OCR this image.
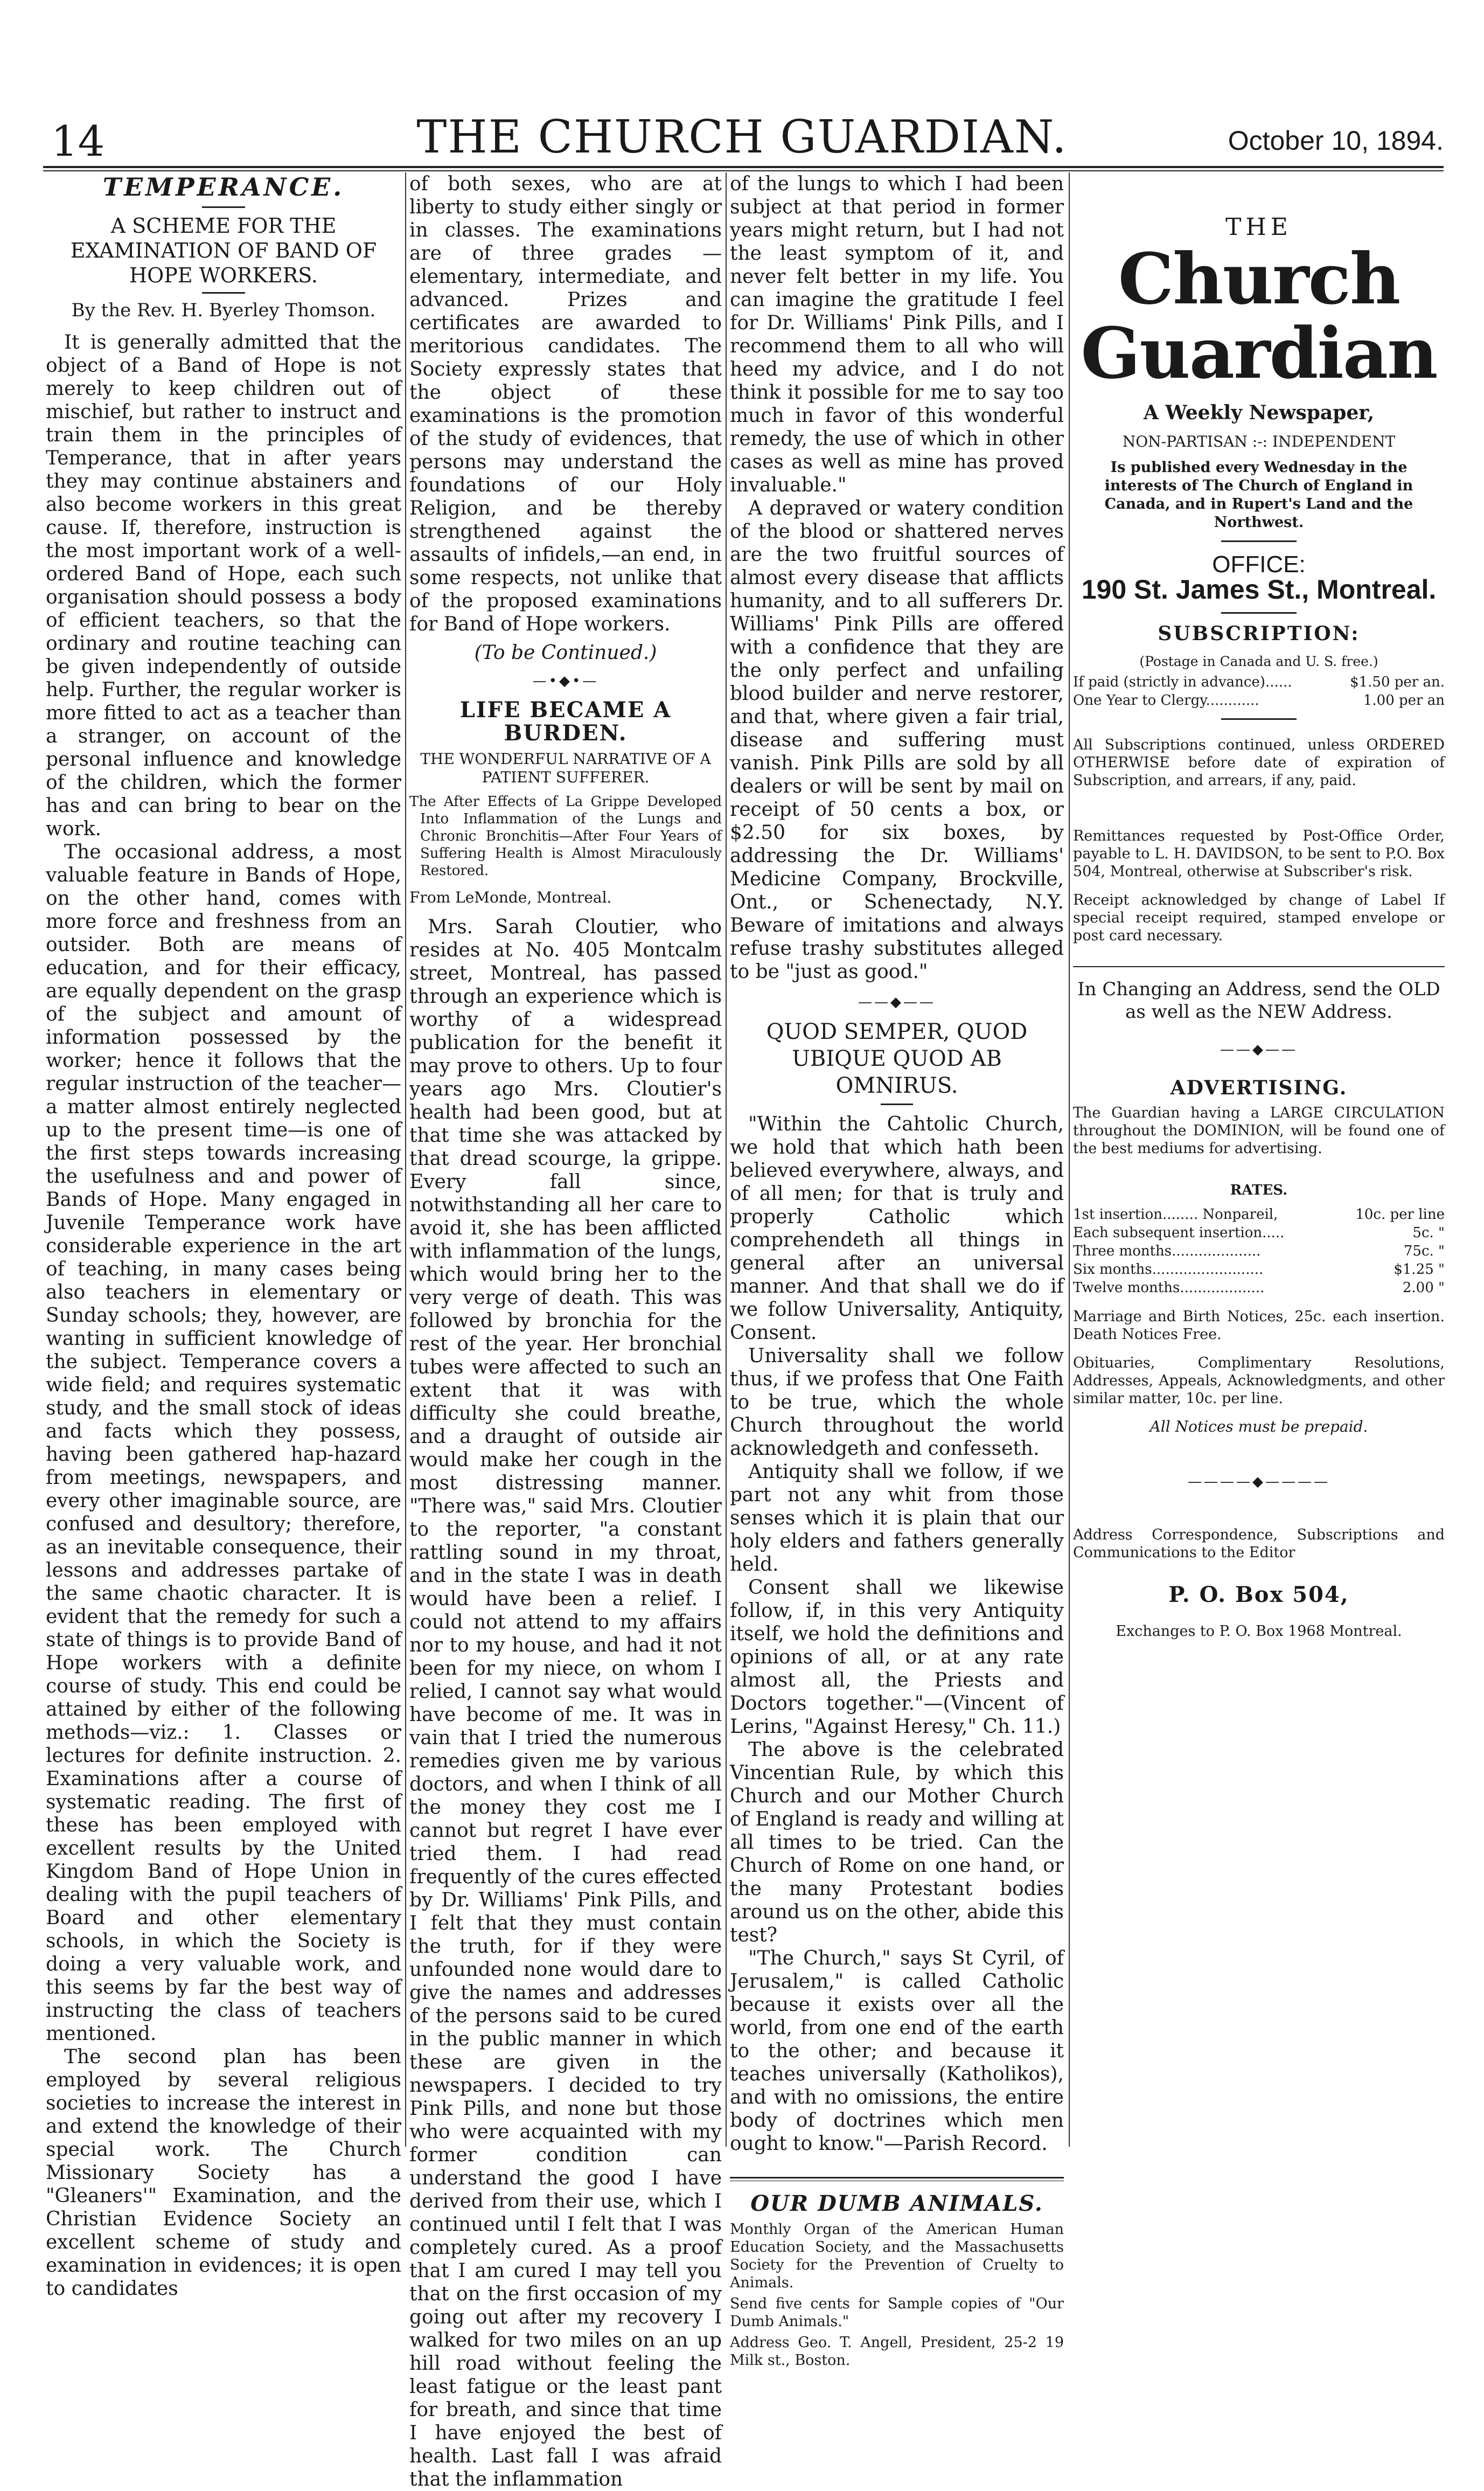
14	THE CHURCH GUARDIAN.	October 10, 1894.
TEMPERANCE.
A SCHEME FOR THE EXAMINATION OF BAND OF HOPE WORKERS.
By the Rev. H. Byerley Thomson.

It is generally admitted that the object of a Band of Hope is not merely to keep children out of mischief, but rather to instruct and train them in the principles of Temperance, that in after years they may continue abstainers and also become workers in this great cause. If, therefore, instruction is the most important work of a well-ordered Band of Hope, each such organisation should possess a body of efficient teachers, so that the ordinary and routine teaching can be given independently of outside help. Further, the regular worker is more fitted to act as a teacher than a stranger, on account of the personal influence and knowledge of the children, which the former has and can bring to bear on the work.

The occasional address, a most valuable feature in Bands of Hope, on the other hand, comes with more force and freshness from an outsider. Both are means of education, and for their efficacy, are equally dependent on the grasp of the subject and amount of information possessed by the worker; hence it follows that the regular instruction of the teacher—a matter almost entirely neglected up to the present time—is one of the first steps towards increasing the usefulness and and power of Bands of Hope. Many engaged in Juvenile Temperance work have considerable experience in the art of teaching, in many cases being also teachers in elementary or Sunday schools; they, however, are wanting in sufficient knowledge of the subject. Temperance covers a wide field; and requires systematic study, and the small stock of ideas and facts which they possess, having been gathered hap-hazard from meetings, newspapers, and every other imaginable source, are confused and desultory; therefore, as an inevitable consequence, their lessons and addresses partake of the same chaotic character. It is evident that the remedy for such a state of things is to provide Band of Hope workers with a definite course of study. This end could be attained by either of the following methods—viz.: 1. Classes or lectures for definite instruction. 2. Examinations after a course of systematic reading. The first of these has been employed with excellent results by the United Kingdom Band of Hope Union in dealing with the pupil teachers of Board and other elementary schools, in which the Society is doing a very valuable work, and this seems by far the best way of instructing the class of teachers mentioned.

The second plan has been employed by several religious societies to increase the interest in and extend the knowledge of their special work. The Church Missionary Society has a "Gleaners'" Examination, and the Christian Evidence Society an excellent scheme of study and examination in evidences; it is open to candidates

of both sexes, who are at liberty to study either singly or in classes. The examinations are of three grades —elementary, intermediate, and advanced. Prizes and certificates are awarded to meritorious candidates. The Society expressly states that the object of these examinations is the promotion of the study of evidences, that persons may understand the foundations of our Holy Religion, and be thereby strengthened against the assaults of infidels,—an end, in some respects, not unlike that of the proposed examinations for Band of Hope workers.

(To be Continued.)
—•◆•—
LIFE BECAME A BURDEN.
THE WONDERFUL NARRATIVE OF A PATIENT SUFFERER.
The After Effects of La Grippe Developed Into Inflammation of the Lungs and Chronic Bronchitis—After Four Years of Suffering Health is Almost Miraculously Restored.
From LeMonde, Montreal.

Mrs. Sarah Cloutier, who resides at No. 405 Montcalm street, Montreal, has passed through an experience which is worthy of a widespread publication for the benefit it may prove to others. Up to four years ago Mrs. Cloutier's health had been good, but at that time she was attacked by that dread scourge, la grippe. Every fall since, notwithstanding all her care to avoid it, she has been afflicted with inflammation of the lungs, which would bring her to the very verge of death. This was followed by bronchia for the rest of the year. Her bronchial tubes were affected to such an extent that it was with difficulty she could breathe, and a draught of outside air would make her cough in the most distressing manner. "There was," said Mrs. Cloutier to the reporter, "a constant rattling sound in my throat, and in the state I was in death would have been a relief. I could not attend to my affairs nor to my house, and had it not been for my niece, on whom I relied, I cannot say what would have become of me. It was in vain that I tried the numerous remedies given me by various doctors, and when I think of all the money they cost me I cannot but regret I have ever tried them. I had read frequently of the cures effected by Dr. Williams' Pink Pills, and I felt that they must contain the truth, for if they were unfounded none would dare to give the names and addresses of the persons said to be cured in the public manner in which these are given in the newspapers. I decided to try Pink Pills, and none but those who were acquainted with my former condition can understand the good I have derived from their use, which I continued until I felt that I was completely cured. As a proof that I am cured I may tell you that on the first occasion of my going out after my recovery I walked for two miles on an up hill road without feeling the least fatigue or the least pant for breath, and since that time I have enjoyed the best of health. Last fall I was afraid that the inflammation

of the lungs to which I had been subject at that period in former years might return, but I had not the least symptom of it, and never felt better in my life. You can imagine the gratitude I feel for Dr. Williams' Pink Pills, and I recommend them to all who will heed my advice, and I do not think it possible for me to say too much in favor of this wonderful remedy, the use of which in other cases as well as mine has proved invaluable."

A depraved or watery condition of the blood or shattered nerves are the two fruitful sources of almost every disease that afflicts humanity, and to all sufferers Dr. Williams' Pink Pills are offered with a confidence that they are the only perfect and unfailing blood builder and nerve restorer, and that, where given a fair trial, disease and suffering must vanish. Pink Pills are sold by all dealers or will be sent by mail on receipt of 50 cents a box, or $2.50 for six boxes, by addressing the Dr. Williams' Medicine Company, Brockville, Ont., or Schenectady, N.Y. Beware of imitations and always refuse trashy substitutes alleged to be "just as good."

——◆——
QUOD SEMPER, QUOD UBIQUE QUOD AB OMNIRUS.

"Within the Cahtolic Church, we hold that which hath been believed everywhere, always, and of all men; for that is truly and properly Catholic which comprehendeth all things in general after an universal manner. And that shall we do if we follow Universality, Antiquity, Consent.

Universality shall we follow thus, if we profess that One Faith to be true, which the whole Church throughout the world acknowledgeth and confesseth.

Antiquity shall we follow, if we part not any whit from those senses which it is plain that our holy elders and fathers generally held.

Consent shall we likewise follow, if, in this very Antiquity itself, we hold the definitions and opinions of all, or at any rate almost all, the Priests and Doctors together."—(Vincent of Lerins, "Against Heresy," Ch. 11.)

The above is the celebrated Vincentian Rule, by which this Church and our Mother Church of England is ready and willing at all times to be tried. Can the Church of Rome on one hand, or the many Protestant bodies around us on the other, abide this test?

"The Church," says St Cyril, of Jerusalem," is called Catholic because it exists over all the world, from one end of the earth to the other; and because it teaches universally (Katholikos), and with no omissions, the entire body of doctrines which men ought to know."—Parish Record.

OUR DUMB ANIMALS.
Monthly Organ of the American Human Education Society, and the Massachusetts Society for the Prevention of Cruelty to Animals.
Send five cents for Sample copies of "Our Dumb Animals."
Address Geo. T. Angell, President, 25-2 19 Milk st., Boston.
THE
Church Guardian
A Weekly Newspaper,
NON-PARTISAN :-: INDEPENDENT
Is published every Wednesday in the interests of The Church of England in Canada, and in Rupert's Land and the Northwest.
OFFICE:
190 St. James St., Montreal.
SUBSCRIPTION:
(Postage in Canada and U. S. free.)
If paid (strictly in advance)......	$1.50 per an.
One Year to Clergy............	1.00 per an
All Subscriptions continued, unless ORDERED OTHERWISE before date of expiration of Subscription, and arrears, if any, paid.
Remittances requested by Post-Office Order, payable to L. H. DAVIDSON, to be sent to P.O. Box 504, Montreal, otherwise at Subscriber's risk.
Receipt acknowledged by change of Label If special receipt required, stamped envelope or post card necessary.
In Changing an Address, send the OLD as well as the NEW Address.
——◆——
ADVERTISING.
The Guardian having a LARGE CIRCULATION throughout the DOMINION, will be found one of the best mediums for advertising.
RATES.
1st insertion........ Nonpareil,	10c. per line
Each subsequent insertion.....	5c. "
Three months....................	75c. "
Six months.........................	$1.25 "
Twelve months...................	2.00 "
Marriage and Birth Notices, 25c. each insertion. Death Notices Free.
Obituaries, Complimentary Resolutions, Addresses, Appeals, Acknowledgments, and other similar matter, 10c. per line.
All Notices must be prepaid.
————◆————
Address Correspondence, Subscriptions and Communications to the Editor
P. O. Box 504,
Exchanges to P. O. Box 1968 Montreal.
